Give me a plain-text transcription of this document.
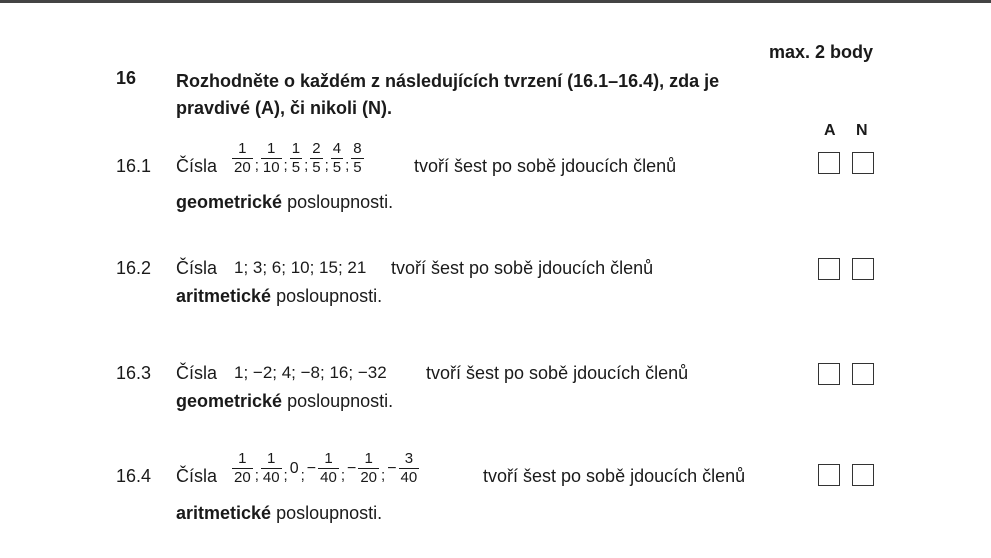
max. 2 body
16 Rozhodněte o každém z následujících tvrzení (16.1–16.4), zda je pravdivé (A), či nikoli (N).
A N
16.1 Čísla $\frac{1}{20}$ ; $\frac{1}{10}$ ; $\frac{1}{5}$ ; $\frac{2}{5}$ ; $\frac{4}{5}$ ; $\frac{8}{5}$	tvoří šest po sobě jdoucích členů
geometrické posloupnosti.
16.2 Čísla 1; 3; 6; 10; 15; 21 tvoří šest po sobě jdoucích členů
aritmetické posloupnosti.
16.3 Čísla 1; −2; 4; −8; 16; −32 tvoří šest po sobě jdoucích členů
geometrické posloupnosti.
16.4 Čísla $\frac{1}{20}$ ; $\frac{1}{40}$ ; 0 ; − $\frac{1}{40}$ ; − $\frac{1}{20}$ ; − $\frac{3}{40}$	tvoří šest po sobě jdoucích členů
aritmetické posloupnosti.
